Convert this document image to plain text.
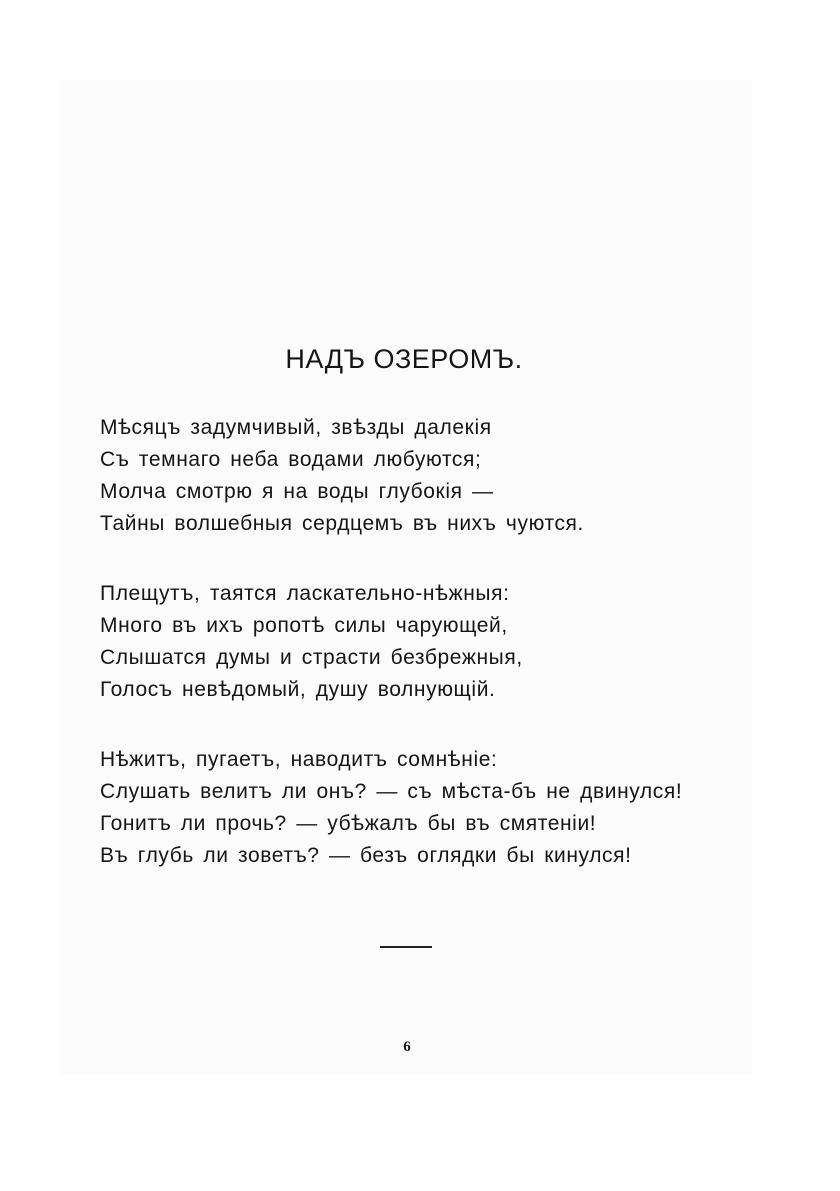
НАДЪ ОЗЕРОМЪ.
Мѣсяцъ задумчивый, звѣзды далекія
Съ темнаго неба водами любуются;
Молча смотрю я на воды глубокія —
Тайны волшебныя сердцемъ въ нихъ чуются.
Плещутъ, таятся ласкательно-нѣжныя:
Много въ ихъ ропотѣ силы чарующей,
Слышатся думы и страсти безбрежныя,
Голосъ невѣдомый, душу волнующій.
Нѣжитъ, пугаетъ, наводитъ сомнѣніе:
Слушать велитъ ли онъ? — съ мѣста-бъ не двинулся!
Гонитъ ли прочь? — убѣжалъ бы въ смятеніи!
Въ глубь ли зоветъ? — безъ оглядки бы кинулся!
6
